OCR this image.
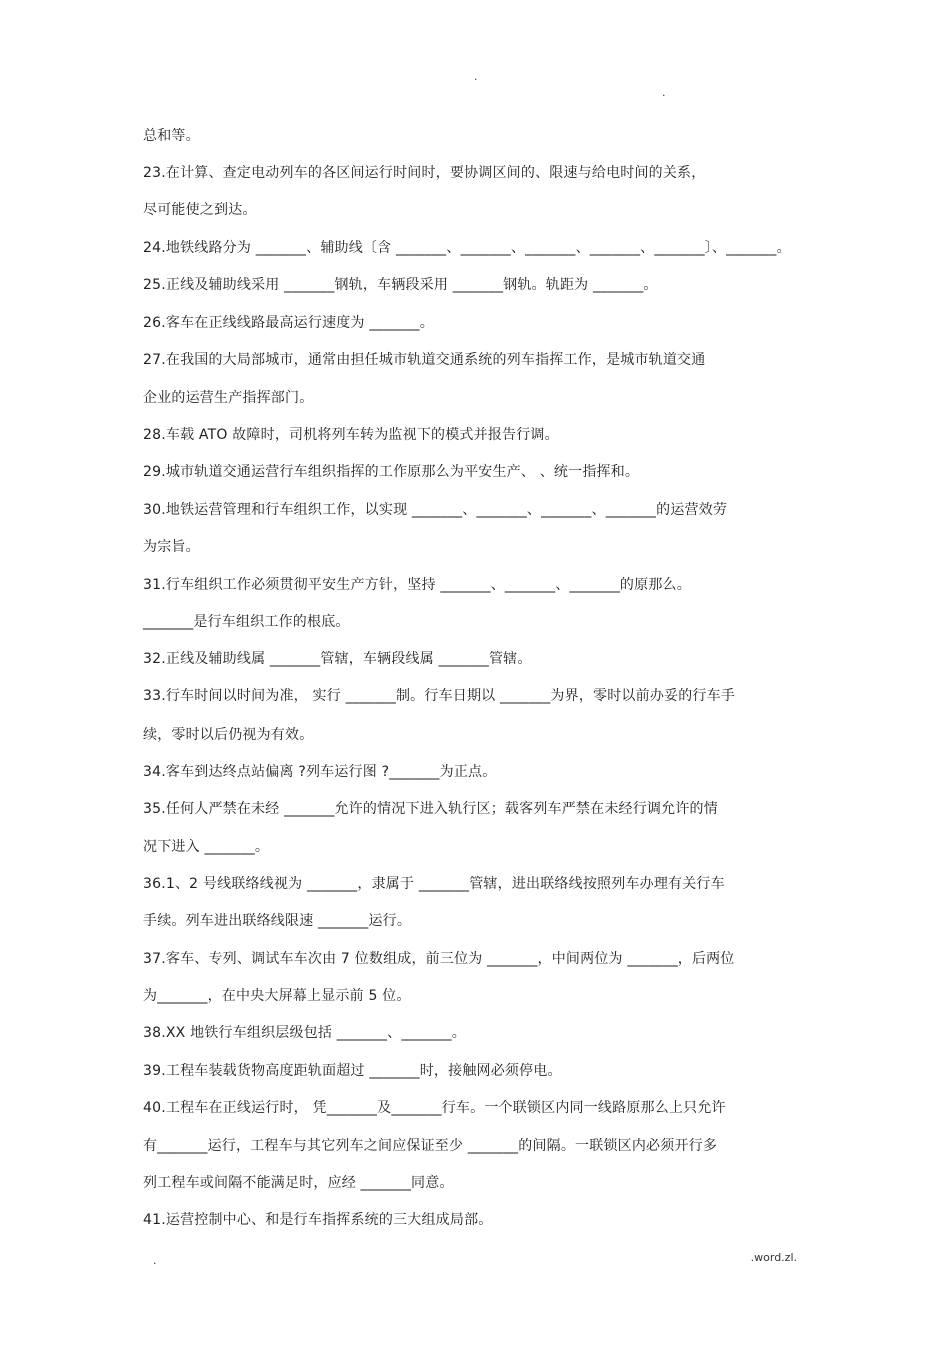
.
.
总和等。
23.在计算、查定电动列车的各区间运行时间时，要协调区间的、限速与给电时间的关系，
尽可能使之到达。
24.地铁线路分为 _______、辅助线〔含 _______、_______、_______、_______、_______〕、_______。
25.正线及辅助线采用 _______钢轨，车辆段采用 _______钢轨。轨距为 _______。
26.客车在正线线路最高运行速度为 _______。
27.在我国的大局部城市，通常由担任城市轨道交通系统的列车指挥工作，是城市轨道交通
企业的运营生产指挥部门。
28.车载 ATO 故障时，司机将列车转为监视下的模式并报告行调。
29.城市轨道交通运营行车组织指挥的工作原那么为平安生产、 、统一指挥和。
30.地铁运营管理和行车组织工作，以实现 _______、_______、_______、_______的运营效劳
为宗旨。
31.行车组织工作必须贯彻平安生产方针，坚持 _______、_______、_______的原那么。
_______是行车组织工作的根底。
32.正线及辅助线属 _______管辖，车辆段线属 _______管辖。
33.行车时间以时间为准， 实行 _______制。行车日期以 _______为界，零时以前办妥的行车手
续，零时以后仍视为有效。
34.客车到达终点站偏离 ?列车运行图 ?_______为正点。
35.任何人严禁在未经 _______允许的情况下进入轨行区；载客列车严禁在未经行调允许的情
况下进入 _______。
36.1、2 号线联络线视为 _______，隶属于 _______管辖，进出联络线按照列车办理有关行车
手续。列车进出联络线限速 _______运行。
37.客车、专列、调试车车次由 7 位数组成，前三位为 _______，中间两位为 _______，后两位
为_______，在中央大屏幕上显示前 5 位。
38.XX 地铁行车组织层级包括 _______、_______。
39.工程车装载货物高度距轨面超过 _______时，接触网必须停电。
40.工程车在正线运行时， 凭_______及_______行车。一个联锁区内同一线路原那么上只允许
有_______运行，工程车与其它列车之间应保证至少 _______的间隔。一联锁区内必须开行多
列工程车或间隔不能满足时，应经 _______同意。
41.运营控制中心、和是行车指挥系统的三大组成局部。
.	.word.zl.
